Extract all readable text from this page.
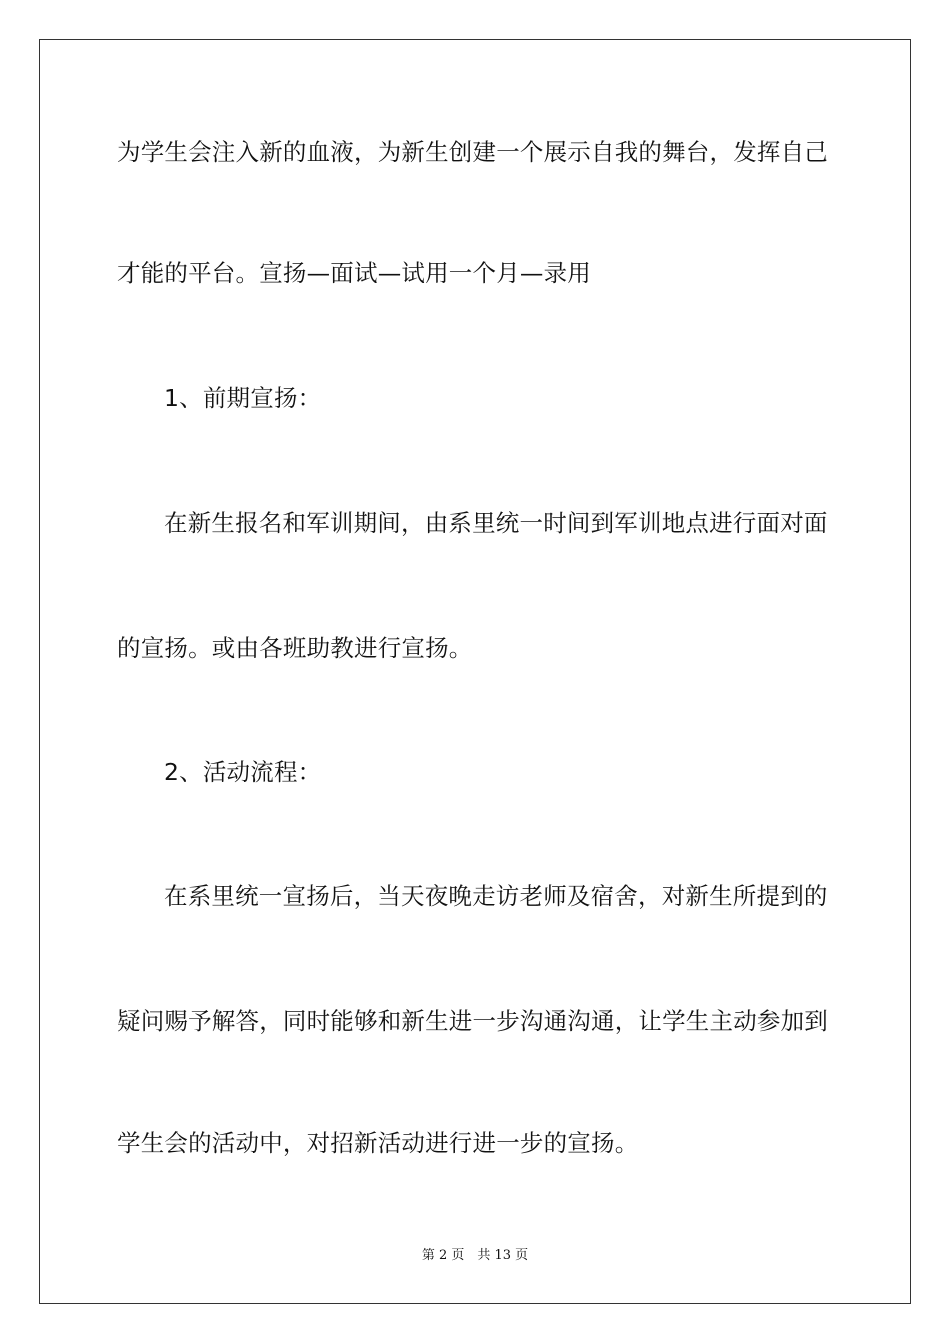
为学生会注入新的血液，为新生创建一个展示自我的舞台，发挥自己
才能的平台。宣扬—面试—试用一个月—录用
1、前期宣扬：
在新生报名和军训期间，由系里统一时间到军训地点进行面对面
的宣扬。或由各班助教进行宣扬。
2、活动流程：
在系里统一宣扬后，当天夜晚走访老师及宿舍，对新生所提到的
疑问赐予解答，同时能够和新生进一步沟通沟通，让学生主动参加到
学生会的活动中，对招新活动进行进一步的宣扬。
第 2 页　共 13 页
